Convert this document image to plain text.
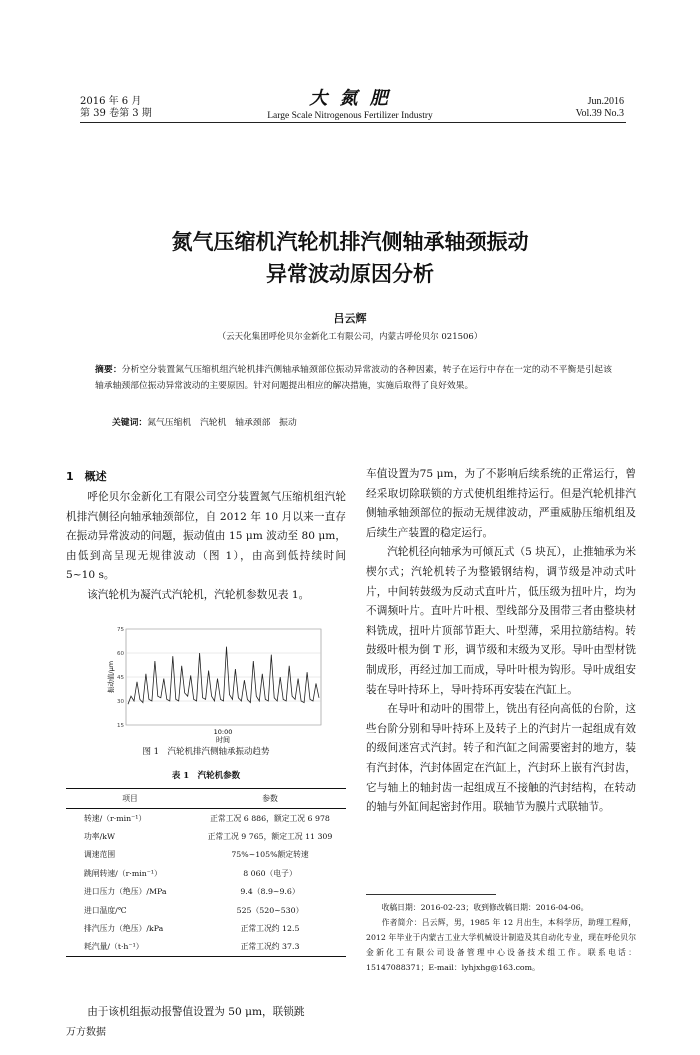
2016 年 6 月
第 39 卷第 3 期
大 氮 肥
Large Scale Nitrogenous Fertilizer Industry
Jun.2016
Vol.39 No.3
氮气压缩机汽轮机排汽侧轴承轴颈振动
异常波动原因分析
吕云辉
（云天化集团呼伦贝尔金新化工有限公司，内蒙古呼伦贝尔 021506）
摘要：分析空分装置氮气压缩机组汽轮机排汽侧轴承轴颈部位振动异常波动的各种因素，转子在运行中存在一定的动不平衡是引起该轴承轴颈部位振动异常波动的主要原因。针对问题提出相应的解决措施，实施后取得了良好效果。
关键词：氮气压缩机　汽轮机　轴承颈部　振动
1　概述

呼伦贝尔金新化工有限公司空分装置氮气压缩机组汽轮机排汽侧径向轴承轴颈部位，自 2012 年 10 月以来一直存在振动异常波动的问题，振动值由 15 μm 波动至 80 μm，由低到高呈现无规律波动（图 1），由高到低持续时间 5~10 s。

该汽轮机为凝汽式汽轮机，汽轮机参数见表 1。

15
30
45
60
75
10:00
时间
振动值/μm
图 1　汽轮机排汽侧轴承振动趋势
表 1　汽轮机参数
项目	参数
转速/（r·min⁻¹）	正常工况 6 886，额定工况 6 978
功率/kW	正常工况 9 765，额定工况 11 309
调速范围	75%~105%额定转速
跳闸转速/（r·min⁻¹）	8 060（电子）
进口压力（绝压）/MPa	9.4（8.9~9.6）
进口温度/℃	525（520~530）
排汽压力（绝压）/kPa	正常工况约 12.5
耗汽量/（t·h⁻¹）	正常工况约 37.3

由于该机组振动报警值设置为 50 μm，联锁跳

车值设置为75 μm，为了不影响后续系统的正常运行，曾经采取切除联锁的方式使机组维持运行。但是汽轮机排汽侧轴承轴颈部位的振动无规律波动，严重威胁压缩机组及后续生产装置的稳定运行。

汽轮机径向轴承为可倾瓦式（5 块瓦），止推轴承为米楔尔式；汽轮机转子为整锻钢结构，调节级是冲动式叶片，中间转鼓级为反动式直叶片，低压级为扭叶片，均为不调频叶片。直叶片叶根、型线部分及围带三者由整块材料铣成，扭叶片顶部节距大、叶型薄，采用拉筋结构。转鼓级叶根为倒 T 形，调节级和末级为叉形。导叶由型材铣制成形，再经过加工而成，导叶叶根为钩形。导叶成组安装在导叶持环上，导叶持环再安装在汽缸上。

在导叶和动叶的围带上，铣出有径向高低的台阶，这些台阶分别和导叶持环上及转子上的汽封片一起组成有效的级间迷宫式汽封。转子和汽缸之间需要密封的地方，装有汽封体，汽封体固定在汽缸上，汽封环上嵌有汽封齿，它与轴上的轴封齿一起组成互不接触的汽封结构，在转动的轴与外缸间起密封作用。联轴节为膜片式联轴节。

收稿日期：2016-02-23；收到修改稿日期：2016-04-06。

作者简介：吕云辉，男，1985 年 12 月出生，本科学历，助理工程师，2012 年毕业于内蒙古工业大学机械设计制造及其自动化专业，现在呼伦贝尔金新化工有限公司设备管理中心设备技术组工作。联系电话：15147088371；E-mail：lyhjxhg@163.com。

万方数据
